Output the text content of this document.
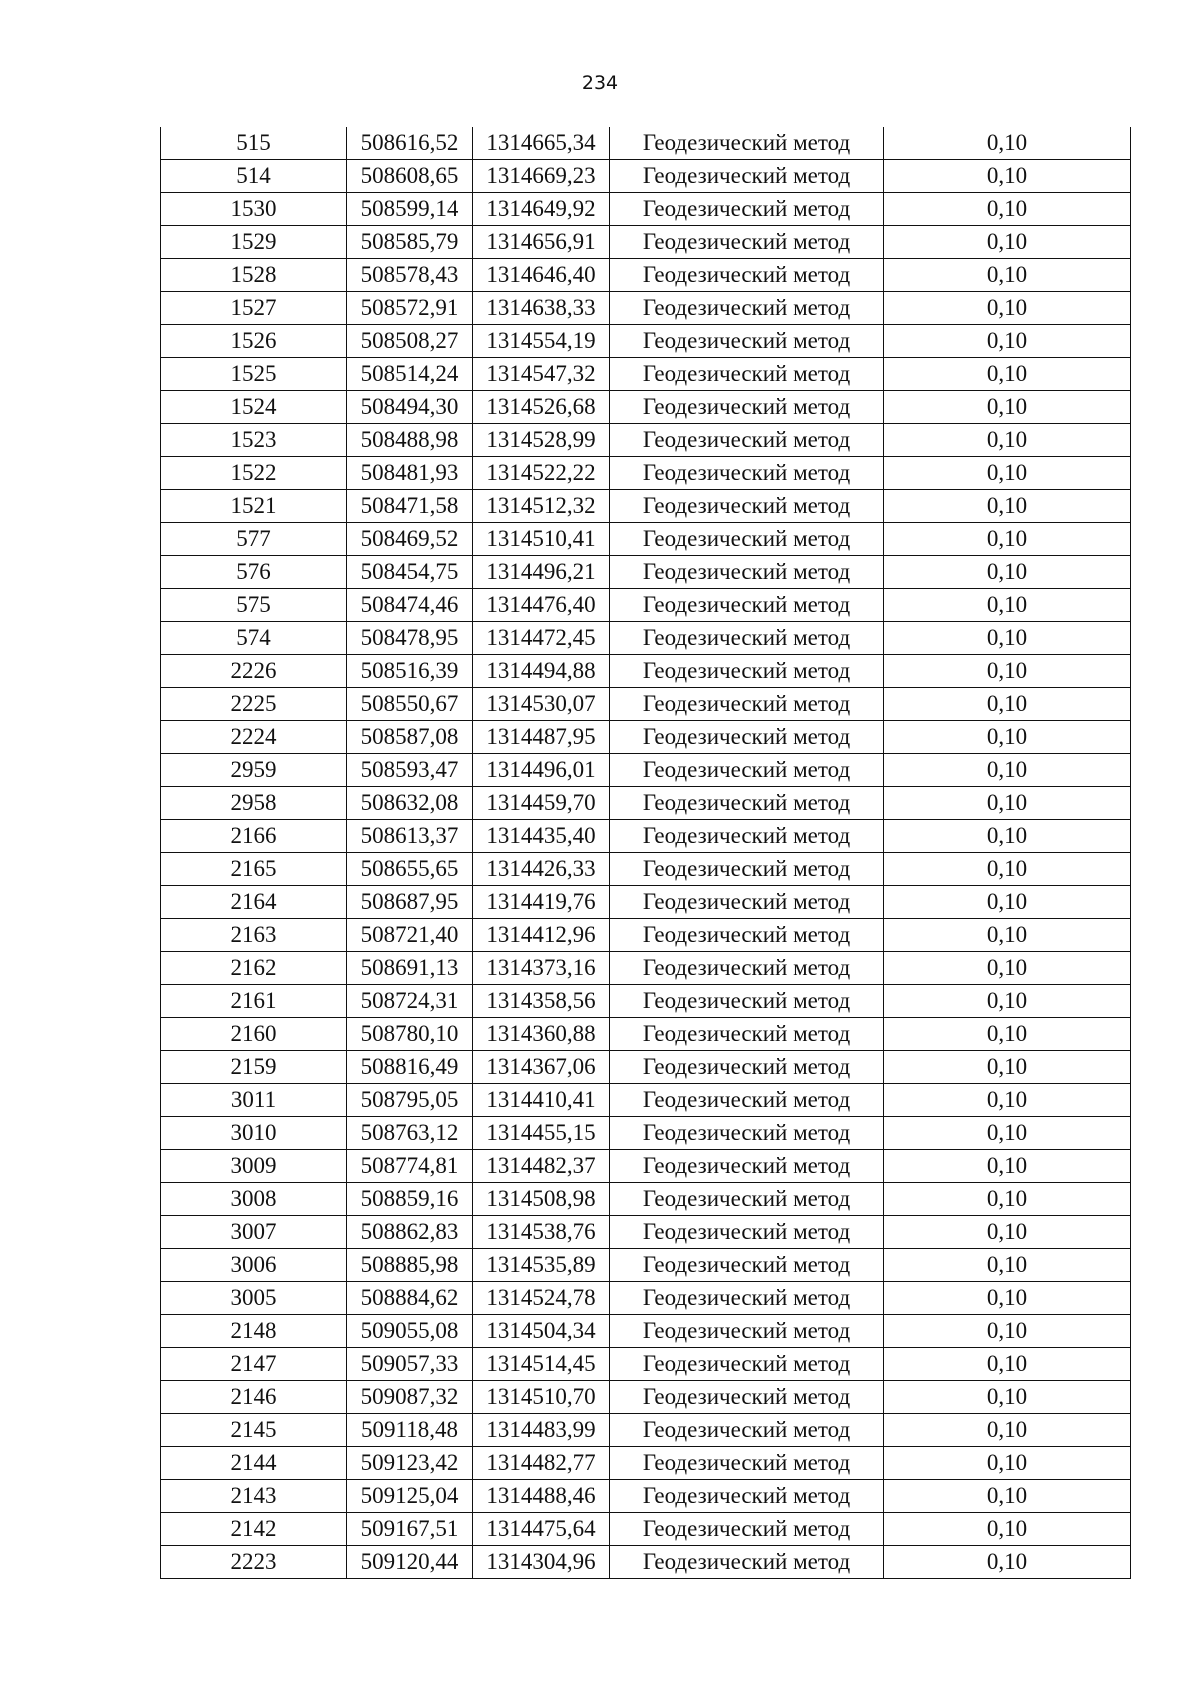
234
515	508616,52	1314665,34	Геодезический метод	0,10
514	508608,65	1314669,23	Геодезический метод	0,10
1530	508599,14	1314649,92	Геодезический метод	0,10
1529	508585,79	1314656,91	Геодезический метод	0,10
1528	508578,43	1314646,40	Геодезический метод	0,10
1527	508572,91	1314638,33	Геодезический метод	0,10
1526	508508,27	1314554,19	Геодезический метод	0,10
1525	508514,24	1314547,32	Геодезический метод	0,10
1524	508494,30	1314526,68	Геодезический метод	0,10
1523	508488,98	1314528,99	Геодезический метод	0,10
1522	508481,93	1314522,22	Геодезический метод	0,10
1521	508471,58	1314512,32	Геодезический метод	0,10
577	508469,52	1314510,41	Геодезический метод	0,10
576	508454,75	1314496,21	Геодезический метод	0,10
575	508474,46	1314476,40	Геодезический метод	0,10
574	508478,95	1314472,45	Геодезический метод	0,10
2226	508516,39	1314494,88	Геодезический метод	0,10
2225	508550,67	1314530,07	Геодезический метод	0,10
2224	508587,08	1314487,95	Геодезический метод	0,10
2959	508593,47	1314496,01	Геодезический метод	0,10
2958	508632,08	1314459,70	Геодезический метод	0,10
2166	508613,37	1314435,40	Геодезический метод	0,10
2165	508655,65	1314426,33	Геодезический метод	0,10
2164	508687,95	1314419,76	Геодезический метод	0,10
2163	508721,40	1314412,96	Геодезический метод	0,10
2162	508691,13	1314373,16	Геодезический метод	0,10
2161	508724,31	1314358,56	Геодезический метод	0,10
2160	508780,10	1314360,88	Геодезический метод	0,10
2159	508816,49	1314367,06	Геодезический метод	0,10
3011	508795,05	1314410,41	Геодезический метод	0,10
3010	508763,12	1314455,15	Геодезический метод	0,10
3009	508774,81	1314482,37	Геодезический метод	0,10
3008	508859,16	1314508,98	Геодезический метод	0,10
3007	508862,83	1314538,76	Геодезический метод	0,10
3006	508885,98	1314535,89	Геодезический метод	0,10
3005	508884,62	1314524,78	Геодезический метод	0,10
2148	509055,08	1314504,34	Геодезический метод	0,10
2147	509057,33	1314514,45	Геодезический метод	0,10
2146	509087,32	1314510,70	Геодезический метод	0,10
2145	509118,48	1314483,99	Геодезический метод	0,10
2144	509123,42	1314482,77	Геодезический метод	0,10
2143	509125,04	1314488,46	Геодезический метод	0,10
2142	509167,51	1314475,64	Геодезический метод	0,10
2223	509120,44	1314304,96	Геодезический метод	0,10
